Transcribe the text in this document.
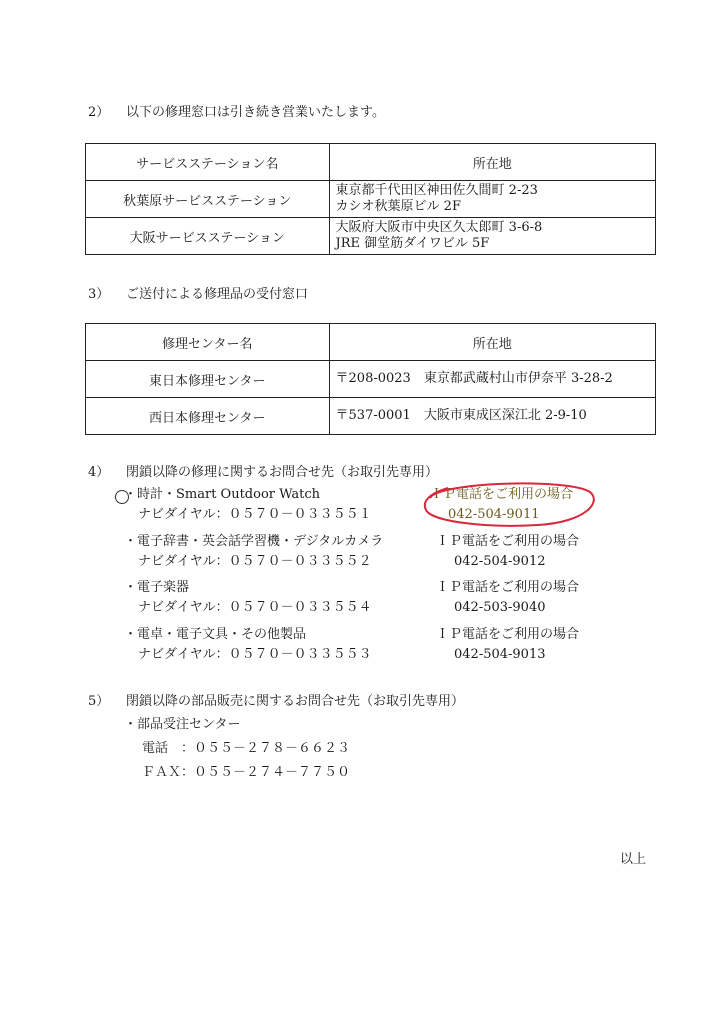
2） 以下の修理窓口は引き続き営業いたします。
サービスステーション名	所在地
秋葉原サービスステーション	東京都千代田区神田佐久間町 2-23
カシオ秋葉原ビル 2F

大阪サービスステーション	大阪府大阪市中央区久太郎町 3-6-8
JRE 御堂筋ダイワビル 5F
3） ご送付による修理品の受付窓口
修理センター名	所在地
東日本修理センター	〒208-0023　東京都武蔵村山市伊奈平 3-28-2
西日本修理センター	〒537-0001　大阪市東成区深江北 2-9-10
4） 閉鎖以降の修理に関するお問合せ先（お取引先専用）
・時計・Smart Outdoor Watch
ナビダイヤル：０５７０－０３３５５１
ＩＰ電話をご利用の場合
042-504-9011
・電子辞書・英会話学習機・デジタルカメラ
ナビダイヤル：０５７０－０３３５５２
ＩＰ電話をご利用の場合
042-504-9012
・電子楽器
ナビダイヤル：０５７０－０３３５５４
ＩＰ電話をご利用の場合
042-503-9040
・電卓・電子文具・その他製品
ナビダイヤル：０５７０－０３３５５３
ＩＰ電話をご利用の場合
042-504-9013
5） 閉鎖以降の部品販売に関するお問合せ先（お取引先専用）
・部品受注センター
電話　：０５５－２７８－６６２３
ＦＡＸ：０５５－２７４－７７５０
以上
